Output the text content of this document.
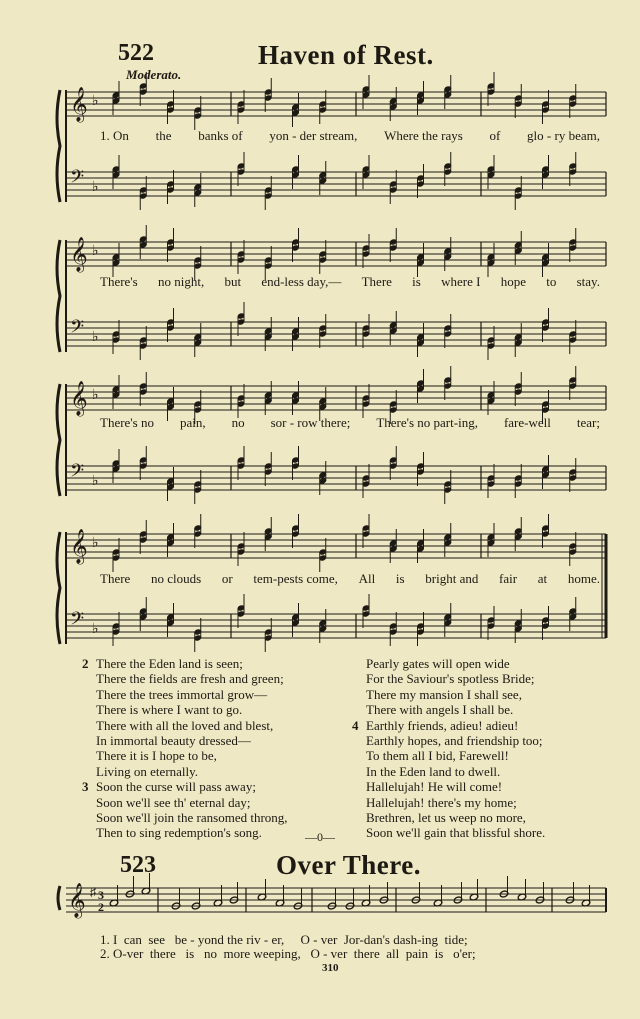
522	Haven of Rest.
Moderato.
𝄞 ♭
𝄢 ♭
1. On the banks of yon - der stream, Where the rays of glo - ry beam,
𝄞 ♭
𝄢 ♭
There's no night, but end-less day,— There is where I hope to stay.
𝄞 ♭
𝄢 ♭
There's no pain, no sor - row there; There's no part-ing, fare-well tear;
𝄞 ♭
𝄢 ♭
There no clouds or tem-pests come, All is bright and fair at home.
2 There the Eden land is seen;
There the fields are fresh and green;
There the trees immortal grow—
There is where I want to go.
There with all the loved and blest,
In immortal beauty dressed—
There it is I hope to be,
Living on eternally.
3 Soon the curse will pass away;
Soon we'll see th' eternal day;
Soon we'll join the ransomed throng,
Then to sing redemption's song.
Pearly gates will open wide
For the Saviour's spotless Bride;
There my mansion I shall see,
There with angels I shall be.
4 Earthly friends, adieu! adieu!
Earthly hopes, and friendship too;
To them all I bid, Farewell!
In the Eden land to dwell.
Hallelujah! He will come!
Hallelujah! there's my home;
Brethren, let us weep no more,
Soon we'll gain that blissful shore.
—0—
523	Over There.
𝄞 ♯ 3
2
1. I  can  see   be - yond the riv - er,     O - ver  Jor-dan's dash-ing  tide;
2. O-ver  there   is   no  more weeping,   O - ver  there  all  pain  is   o'er;
310
